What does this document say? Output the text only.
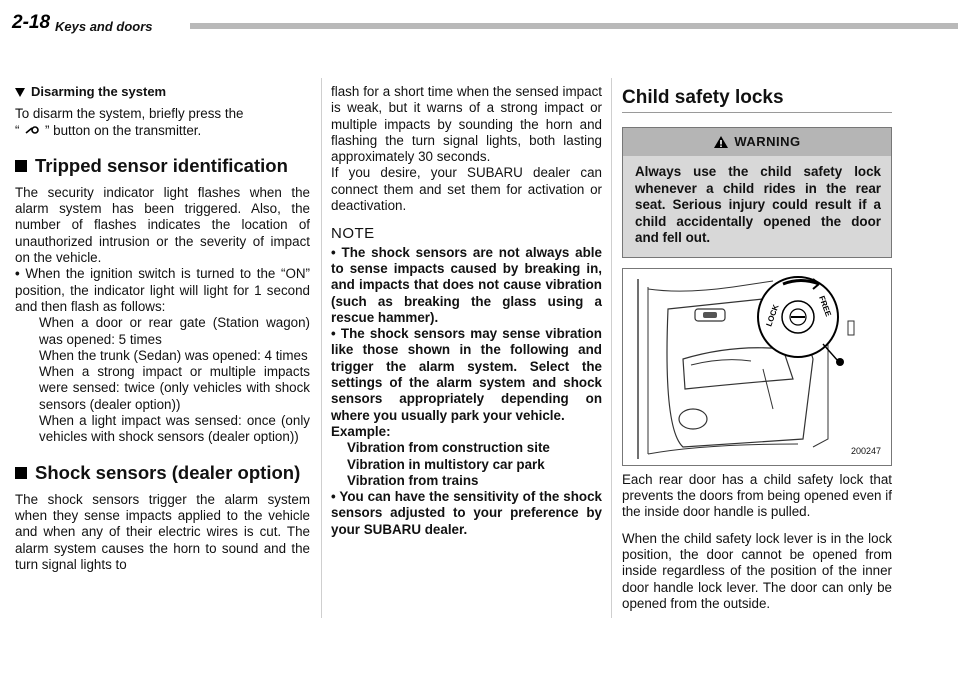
2-18 Keys and doors
Disarming the system
To disarm the system, briefly press the
“ ” button on the transmitter.
Tripped sensor identification
The security indicator light flashes when the alarm system has been triggered. Also, the number of flashes indicates the location of unauthorized intrusion or the severity of impact on the vehicle.
• When the ignition switch is turned to the “ON” position, the indicator light will light for 1 second and then flash as follows:
When a door or rear gate (Station wagon) was opened: 5 times
When the trunk (Sedan) was opened: 4 times
When a strong impact or multiple impacts were sensed: twice (only vehicles with shock sensors (dealer option))
When a light impact was sensed: once (only vehicles with shock sensors (dealer option))
Shock sensors (dealer option)
The shock sensors trigger the alarm system when they sense impacts applied to the vehicle and when any of their electric wires is cut. The alarm system causes the horn to sound and the turn signal lights to
flash for a short time when the sensed impact is weak, but it warns of a strong impact or multiple impacts by sounding the horn and flashing the turn signal lights, both lasting approximately 30 seconds.
If you desire, your SUBARU dealer can connect them and set them for activation or deactivation.
NOTE
• The shock sensors are not always able to sense impacts caused by breaking in, and impacts that does not cause vibration (such as breaking the glass using a rescue hammer).
• The shock sensors may sense vibration like those shown in the following and trigger the alarm system. Select the settings of the alarm system and shock sensors appropriately depending on where you usually park your vehicle.
Example:
Vibration from construction site
Vibration in multistory car park
Vibration from trains
• You can have the sensitivity of the shock sensors adjusted to your preference by your SUBARU dealer.
Child safety locks
WARNING
Always use the child safety lock whenever a child rides in the rear seat. Serious injury could result if a child accidentally opened the door and fell out.
LOCK	FREE
200247
Each rear door has a child safety lock that prevents the doors from being opened even if the inside door handle is pulled.
When the child safety lock lever is in the lock position, the door cannot be opened from inside regardless of the position of the inner door handle lock lever. The door can only be opened from the outside.
